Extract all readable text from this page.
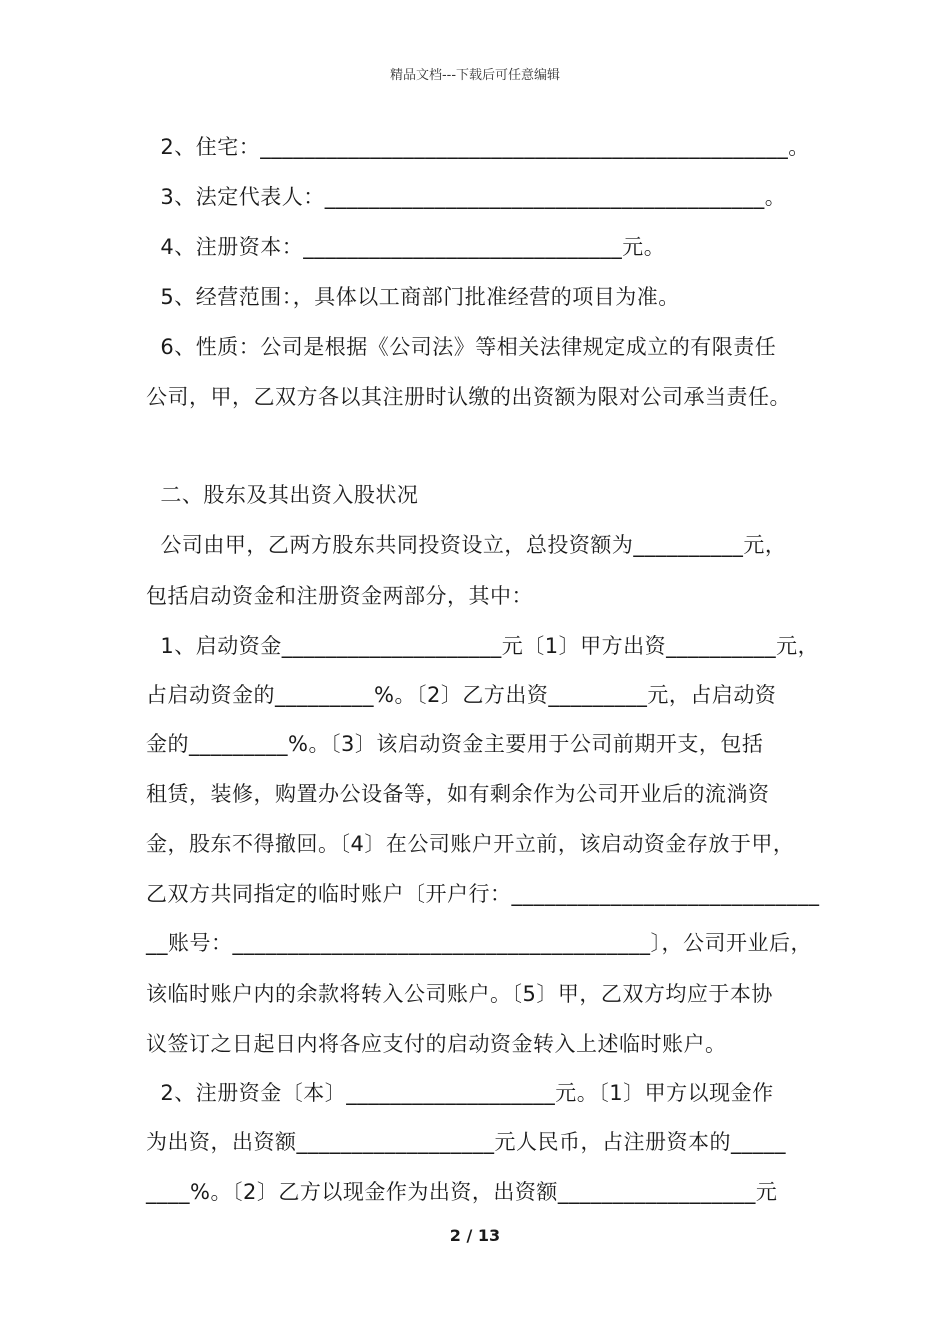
精品文档---下载后可任意编辑
2、住宅：________________________________________________。
3、法定代表人：________________________________________。
4、注册资本：_____________________________元。
5、经营范围：，具体以工商部门批准经营的项目为准。
6、性质：公司是根据《公司法》等相关法律规定成立的有限责任
公司，甲，乙双方各以其注册时认缴的出资额为限对公司承当责任。
二、股东及其出资入股状况
公司由甲，乙两方股东共同投资设立，总投资额为__________元，
包括启动资金和注册资金两部分，其中：
1、启动资金____________________元〔1〕甲方出资__________元，
占启动资金的_________%。〔2〕乙方出资_________元，占启动资
金的_________%。〔3〕该启动资金主要用于公司前期开支，包括
租赁，装修，购置办公设备等，如有剩余作为公司开业后的流淌资
金，股东不得撤回。〔4〕在公司账户开立前，该启动资金存放于甲，
乙双方共同指定的临时账户〔开户行：____________________________
__账号：______________________________________〕，公司开业后，
该临时账户内的余款将转入公司账户。〔5〕甲，乙双方均应于本协
议签订之日起日内将各应支付的启动资金转入上述临时账户。
2、注册资金〔本〕___________________元。〔1〕甲方以现金作
为出资，出资额__________________元人民币，占注册资本的_____
____%。〔2〕乙方以现金作为出资，出资额__________________元
2 / 13
